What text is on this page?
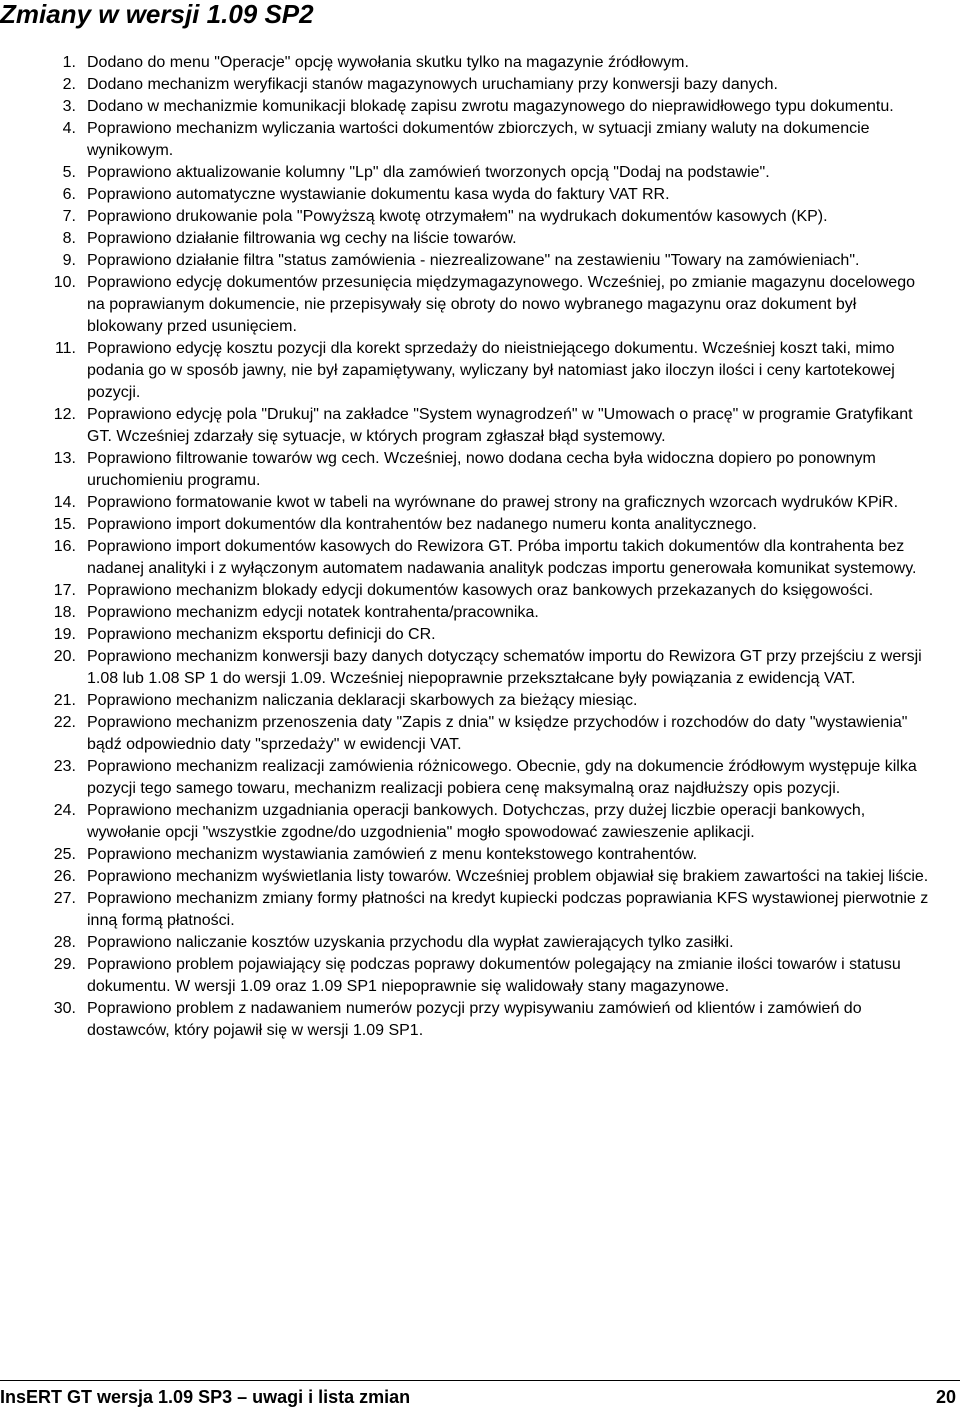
Zmiany w wersji 1.09 SP2
1. Dodano do menu "Operacje" opcję wywołania skutku tylko na magazynie źródłowym.
2. Dodano mechanizm weryfikacji stanów magazynowych uruchamiany przy konwersji bazy danych.
3. Dodano w mechanizmie komunikacji blokadę zapisu zwrotu magazynowego do nieprawidłowego typu dokumentu.
4. Poprawiono mechanizm wyliczania wartości dokumentów zbiorczych, w sytuacji zmiany waluty na dokumencie wynikowym.
5. Poprawiono aktualizowanie kolumny "Lp" dla zamówień tworzonych opcją "Dodaj na podstawie".
6. Poprawiono automatyczne wystawianie dokumentu kasa wyda do faktury VAT RR.
7. Poprawiono drukowanie pola "Powyższą kwotę otrzymałem" na wydrukach dokumentów kasowych (KP).
8. Poprawiono działanie filtrowania wg cechy na liście towarów.
9. Poprawiono działanie filtra "status zamówienia - niezrealizowane" na zestawieniu "Towary na zamówieniach".
10. Poprawiono edycję dokumentów przesunięcia międzymagazynowego. Wcześniej, po zmianie magazynu docelowego na poprawianym dokumencie, nie przepisywały się obroty do nowo wybranego magazynu oraz dokument był blokowany przed usunięciem.
11. Poprawiono edycję kosztu pozycji dla korekt sprzedaży do nieistniejącego dokumentu. Wcześniej koszt taki, mimo podania go w sposób jawny, nie był zapamiętywany, wyliczany był natomiast jako iloczyn ilości i ceny kartotekowej pozycji.
12. Poprawiono edycję pola "Drukuj" na zakładce "System wynagrodzeń" w "Umowach o pracę" w programie Gratyfikant GT. Wcześniej zdarzały się sytuacje, w których program zgłaszał błąd systemowy.
13. Poprawiono filtrowanie towarów wg cech. Wcześniej, nowo dodana cecha była widoczna dopiero po ponownym uruchomieniu programu.
14. Poprawiono formatowanie kwot w tabeli na wyrównane do prawej strony na graficznych wzorcach wydruków KPiR.
15. Poprawiono import dokumentów dla kontrahentów bez nadanego numeru konta analitycznego.
16. Poprawiono import dokumentów kasowych do Rewizora GT. Próba importu takich dokumentów dla kontrahenta bez nadanej analityki i z wyłączonym automatem nadawania analityk podczas importu generowała komunikat systemowy.
17. Poprawiono mechanizm blokady edycji dokumentów kasowych oraz bankowych przekazanych do księgowości.
18. Poprawiono mechanizm edycji notatek kontrahenta/pracownika.
19. Poprawiono mechanizm eksportu definicji do CR.
20. Poprawiono mechanizm konwersji bazy danych dotyczący schematów importu do Rewizora GT przy przejściu z wersji 1.08 lub 1.08 SP 1 do wersji 1.09. Wcześniej niepoprawnie przekształcane były powiązania z ewidencją VAT.
21. Poprawiono mechanizm naliczania deklaracji skarbowych za bieżący miesiąc.
22. Poprawiono mechanizm przenoszenia daty "Zapis z dnia" w księdze przychodów i rozchodów do daty "wystawienia" bądź odpowiednio daty "sprzedaży" w ewidencji VAT.
23. Poprawiono mechanizm realizacji zamówienia różnicowego. Obecnie, gdy na dokumencie źródłowym występuje kilka pozycji tego samego towaru, mechanizm realizacji pobiera cenę maksymalną oraz najdłuższy opis pozycji.
24. Poprawiono mechanizm uzgadniania operacji bankowych. Dotychczas, przy dużej liczbie operacji bankowych, wywołanie opcji "wszystkie zgodne/do uzgodnienia" mogło spowodować zawieszenie aplikacji.
25. Poprawiono mechanizm wystawiania zamówień z menu kontekstowego kontrahentów.
26. Poprawiono mechanizm wyświetlania listy towarów. Wcześniej problem objawiał się brakiem zawartości na takiej liście.
27. Poprawiono mechanizm zmiany formy płatności na kredyt kupiecki podczas poprawiania KFS wystawionej pierwotnie z inną formą płatności.
28. Poprawiono naliczanie kosztów uzyskania przychodu dla wypłat zawierających tylko zasiłki.
29. Poprawiono problem pojawiający się podczas poprawy dokumentów polegający na zmianie ilości towarów i statusu dokumentu. W wersji 1.09 oraz 1.09 SP1 niepoprawnie się walidowały stany magazynowe.
30. Poprawiono problem z nadawaniem numerów pozycji przy wypisywaniu zamówień od klientów i zamówień do dostawców, który pojawił się w wersji 1.09 SP1.
InsERT GT wersja 1.09 SP3 – uwagi i lista zmian	20
